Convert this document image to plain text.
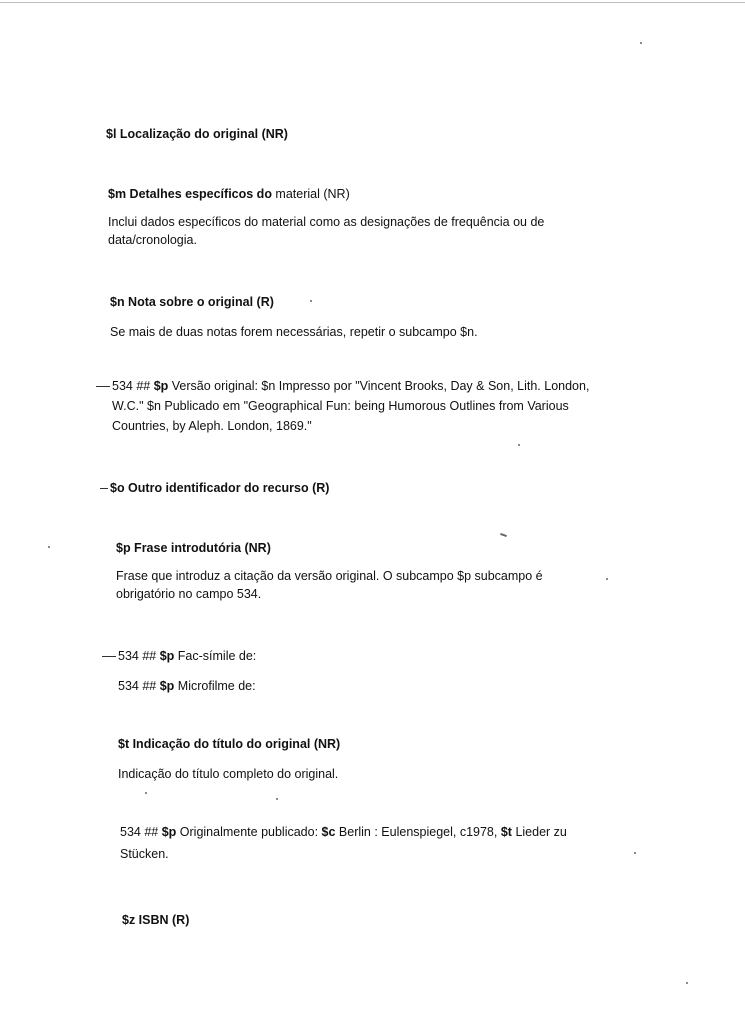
$l Localização do original (NR)
$m Detalhes específicos do material (NR)
Inclui dados específicos do material como as designações de frequência ou de
data/cronologia.
$n Nota sobre o original (R)
Se mais de duas notas forem necessárias, repetir o subcampo $n.
534 ## $p Versão original: $n Impresso por "Vincent Brooks, Day & Son, Lith. London,
W.C." $n Publicado em "Geographical Fun: being Humorous Outlines from Various
Countries, by Aleph. London, 1869."
$o Outro identificador do recurso (R)
$p Frase introdutória (NR)
Frase que introduz a citação da versão original. O subcampo $p subcampo é
obrigatório no campo 534.
534 ## $p Fac-símile de:
534 ## $p Microfilme de:
$t Indicação do título do original (NR)
Indicação do título completo do original.
534 ## $p Originalmente publicado: $c Berlin : Eulenspiegel, c1978, $t Lieder zu
Stücken.
$z ISBN (R)
